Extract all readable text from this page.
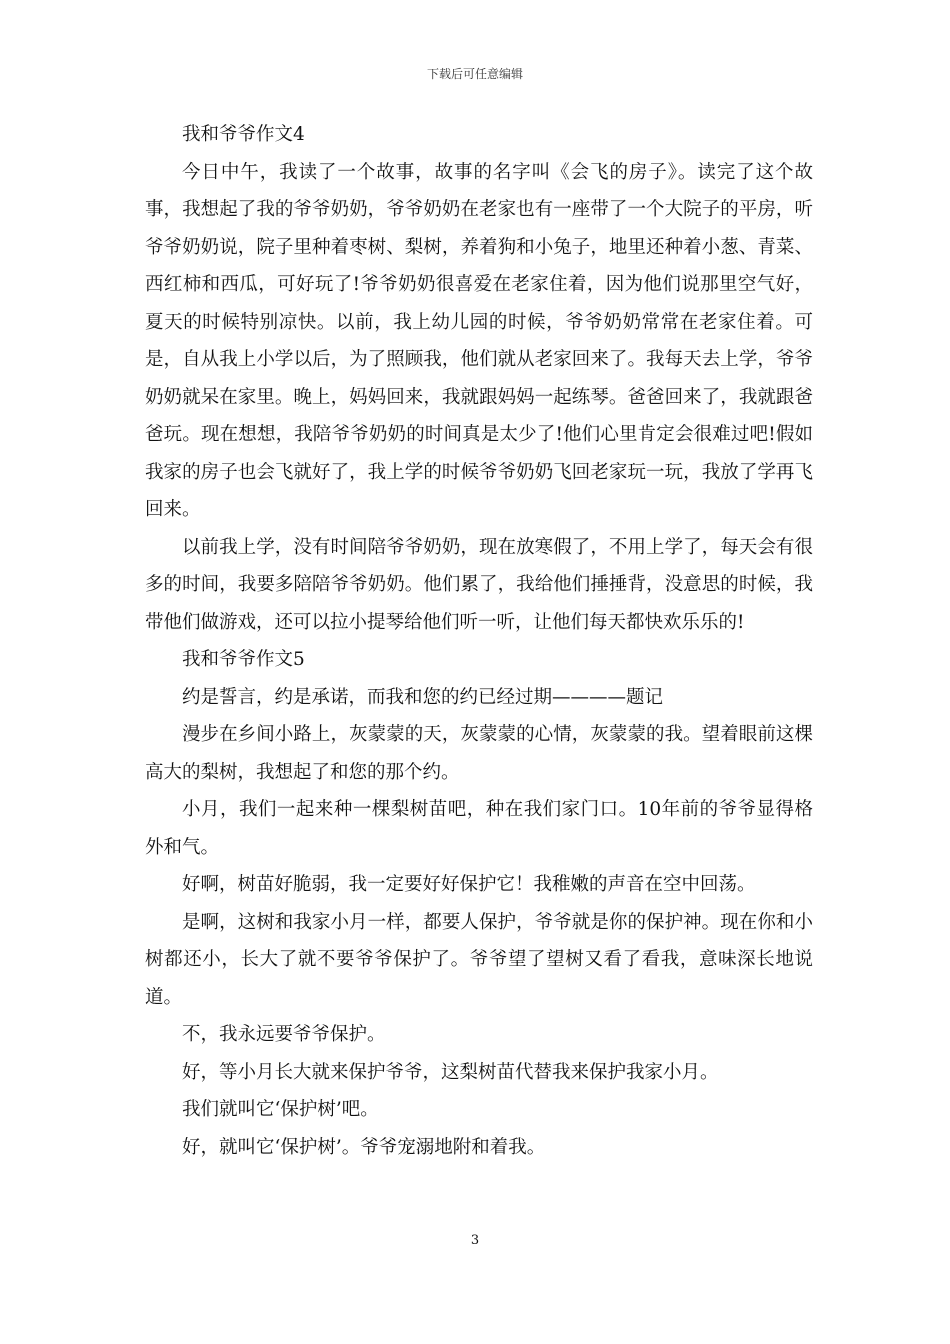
下载后可任意编辑

我和爷爷作文4

今日中午，我读了一个故事，故事的名字叫《会飞的房子》。读完了这个故事，我想起了我的爷爷奶奶，爷爷奶奶在老家也有一座带了一个大院子的平房，听爷爷奶奶说，院子里种着枣树、梨树，养着狗和小兔子，地里还种着小葱、青菜、西红柿和西瓜，可好玩了!爷爷奶奶很喜爱在老家住着，因为他们说那里空气好，夏天的时候特别凉快。以前，我上幼儿园的时候，爷爷奶奶常常在老家住着。可是，自从我上小学以后，为了照顾我，他们就从老家回来了。我每天去上学，爷爷奶奶就呆在家里。晚上，妈妈回来，我就跟妈妈一起练琴。爸爸回来了，我就跟爸爸玩。现在想想，我陪爷爷奶奶的时间真是太少了!他们心里肯定会很难过吧!假如我家的房子也会飞就好了，我上学的时候爷爷奶奶飞回老家玩一玩，我放了学再飞回来。

以前我上学，没有时间陪爷爷奶奶，现在放寒假了，不用上学了，每天会有很多的时间，我要多陪陪爷爷奶奶。他们累了，我给他们捶捶背，没意思的时候，我带他们做游戏，还可以拉小提琴给他们听一听，让他们每天都快欢乐乐的!

我和爷爷作文5

约是誓言，约是承诺，而我和您的约已经过期————题记

漫步在乡间小路上，灰蒙蒙的天，灰蒙蒙的心情，灰蒙蒙的我。望着眼前这棵高大的梨树，我想起了和您的那个约。

小月，我们一起来种一棵梨树苗吧，种在我们家门口。10年前的爷爷显得格外和气。

好啊，树苗好脆弱，我一定要好好保护它！我稚嫩的声音在空中回荡。

是啊，这树和我家小月一样，都要人保护，爷爷就是你的保护神。现在你和小树都还小，长大了就不要爷爷保护了。爷爷望了望树又看了看我，意味深长地说道。

不，我永远要爷爷保护。

好，等小月长大就来保护爷爷，这梨树苗代替我来保护我家小月。

我们就叫它‘保护树’吧。

好，就叫它‘保护树’。爷爷宠溺地附和着我。

3
